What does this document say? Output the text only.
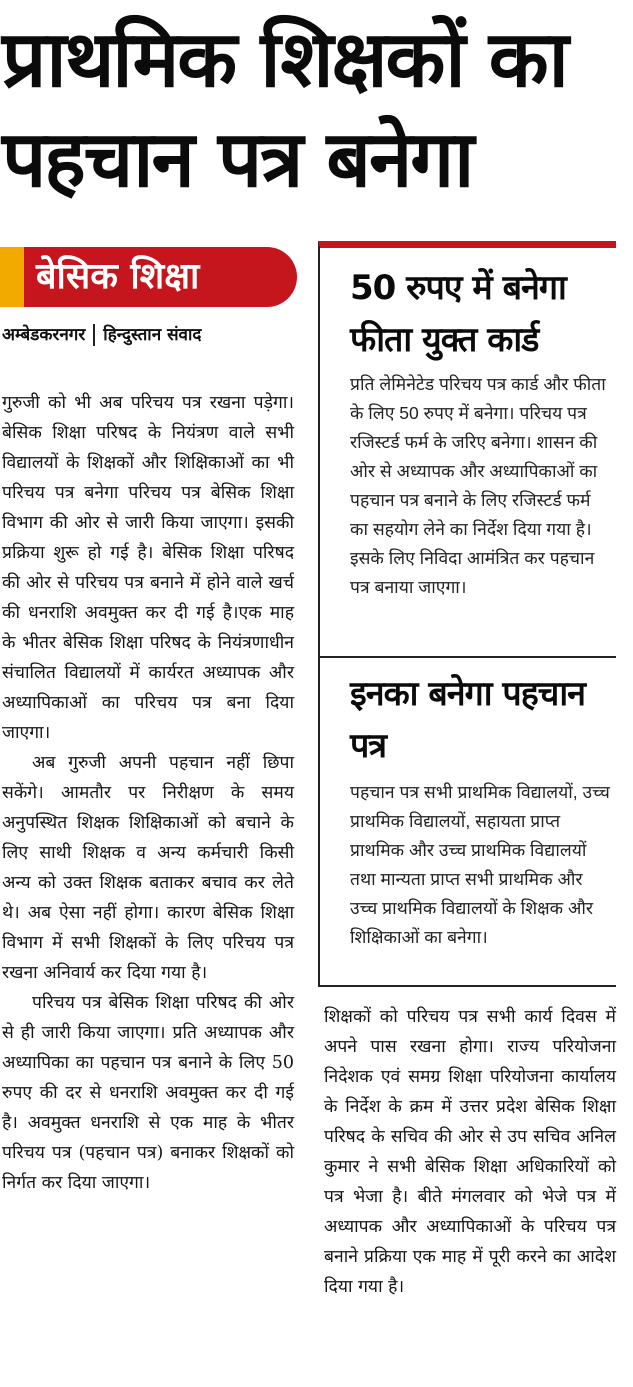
प्राथमिक शिक्षकों का पहचान पत्र बनेगा
बेसिक शिक्षा
अम्बेडकरनगर हिन्दुस्तान संवाद

गुरुजी को भी अब परिचय पत्र रखना पड़ेगा। बेसिक शिक्षा परिषद के नियंत्रण वाले सभी विद्यालयों के शिक्षकों और शिक्षिकाओं का भी परिचय पत्र बनेगा परिचय पत्र बेसिक शिक्षा विभाग की ओर से जारी किया जाएगा। इसकी प्रक्रिया शुरू हो गई है। बेसिक शिक्षा परिषद की ओर से परिचय पत्र बनाने में होने वाले खर्च की धनराशि अवमुक्त कर दी गई है।एक माह के भीतर बेसिक शिक्षा परिषद के नियंत्रणाधीन संचालित विद्यालयों में कार्यरत अध्यापक और अध्यापिकाओं का परिचय पत्र बना दिया जाएगा।

अब गुरुजी अपनी पहचान नहीं छिपा सकेंगे। आमतौर पर निरीक्षण के समय अनुपस्थित शिक्षक शिक्षिकाओं को बचाने के लिए साथी शिक्षक व अन्य कर्मचारी किसी अन्य को उक्त शिक्षक बताकर बचाव कर लेते थे। अब ऐसा नहीं होगा। कारण बेसिक शिक्षा विभाग में सभी शिक्षकों के लिए परिचय पत्र रखना अनिवार्य कर दिया गया है।

परिचय पत्र बेसिक शिक्षा परिषद की ओर से ही जारी किया जाएगा। प्रति अध्यापक और अध्यापिका का पहचान पत्र बनाने के लिए 50 रुपए की दर से धनराशि अवमुक्त कर दी गई है। अवमुक्त धनराशि से एक माह के भीतर परिचय पत्र (पहचान पत्र) बनाकर शिक्षकों को निर्गत कर दिया जाएगा।

50 रुपए में बनेगा फीता युक्त कार्ड
प्रति लेमिनेटेड परिचय पत्र कार्ड और फीता के लिए 50 रुपए में बनेगा। परिचय पत्र रजिस्टर्ड फर्म के जरिए बनेगा। शासन की ओर से अध्यापक और अध्यापिकाओं का पहचान पत्र बनाने के लिए रजिस्टर्ड फर्म का सहयोग लेने का निर्देश दिया गया है। इसके लिए निविदा आमंत्रित कर पहचान पत्र बनाया जाएगा।
इनका बनेगा पहचान पत्र
पहचान पत्र सभी प्राथमिक विद्यालयों, उच्च प्राथमिक विद्यालयों, सहायता प्राप्त प्राथमिक और उच्च प्राथमिक विद्यालयों तथा मान्यता प्राप्त सभी प्राथमिक और उच्च प्राथमिक विद्यालयों के शिक्षक और शिक्षिकाओं का बनेगा।

शिक्षकों को परिचय पत्र सभी कार्य दिवस में अपने पास रखना होगा। राज्य परियोजना निदेशक एवं समग्र शिक्षा परियोजना कार्यालय के निर्देश के क्रम में उत्तर प्रदेश बेसिक शिक्षा परिषद के सचिव की ओर से उप सचिव अनिल कुमार ने सभी बेसिक शिक्षा अधिकारियों को पत्र भेजा है। बीते मंगलवार को भेजे पत्र में अध्यापक और अध्यापिकाओं के परिचय पत्र बनाने प्रक्रिया एक माह में पूरी करने का आदेश दिया गया है।
